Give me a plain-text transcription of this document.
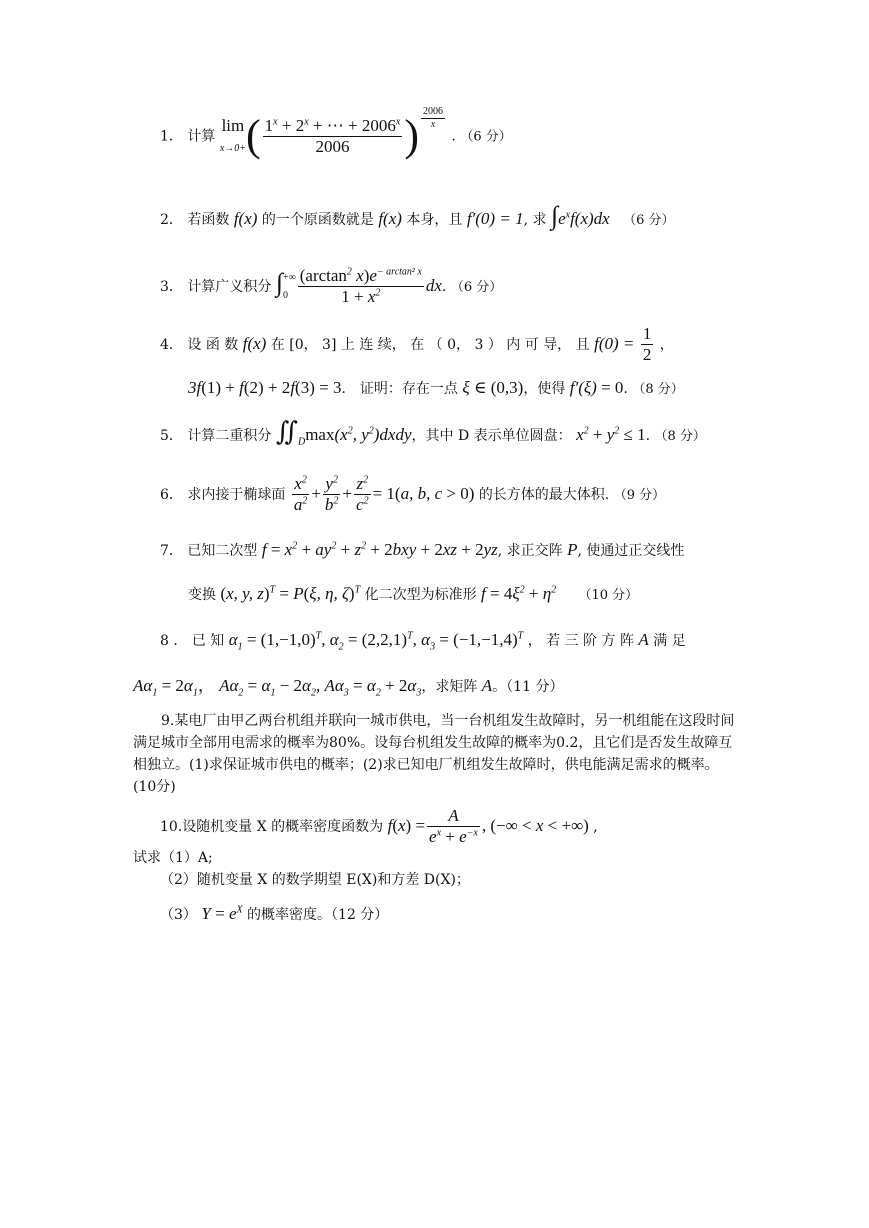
1． 计算 lim
$x\to 0+( \frac{1^x + 2^x + \cdots + 2006^x}{2006}$ ) $\frac{2006}{x}$
. （6 分）
2． 若函数 f(x) 的一个原函数就是 f(x) 本身，且 f′(0) = 1, 求 $\int e^xf(x)dx$ （6 分）
3． 计算广义积分 ∫+∞
$0 \frac{(\arctan^2 x)e^{- arctan^2 x}}{1 + x^2}$ dx. （6 分）
4． 设 函 数 f(x) 在 [0， 3] 上 连 续， 在 （ 0， 3 ） 内 可 导， 且 $f(0) = \frac{1}{2}$ ，
3f(1) + f(2) + 2f(3) = 3． 证明：存在一点 ξ ∈ (0,3)，使得 f′(ξ) = 0. （8 分）
5． 计算二重积分 $∬_D\max(x^2$, $y^2)dxdy$，其中 D 表示单位圆盘： $x^2 + y^2 \le 1$. （8 分）
6． 求内接于椭球面 $\frac{x^2}{a^2} + \frac{y^2}{b^2} + \frac{z^2}{c^2} = 1(a$, b, c > 0) 的长方体的最大体积. （9 分）
7． 已知二次型 $f = x^2 + ay^2 + z^2 + 2bxy + 2xz + 2yz$, 求正交阵 P, 使通过正交线性
变换 (x, y, z)$^T$ = P(ξ, η, ζ)$^T$ 化二次型为标准形 $f = 4\xi^2 + \eta^2$ （10 分）
8 ． 已 知 $\alpha_1 = (1,-1,0)^T$, $\alpha_2 = (2,2,1)^T$, $\alpha_3 = (-1,-1,4)^T$ ， 若 三 阶 方 阵 A 满 足
$A\alpha_1 = 2\alpha_1$， $A\alpha_2 = \alpha_1 - 2\alpha_2$, $A\alpha_3 = \alpha_2 + 2\alpha_3$，求矩阵 A。（11 分）
9.某电厂由甲乙两台机组并联向一城市供电，当一台机组发生故障时，另一机组能在这段时间满足城市全部用电需求的概率为80%。设每台机组发生故障的概率为0.2，且它们是否发生故障互相独立。(1)求保证城市供电的概率；(2)求已知电厂机组发生故障时，供电能满足需求的概率。(10分)
10.设随机变量 X 的概率密度函数为 $f(x) = \frac{A}{e^x + e^{-x}}$ , (−∞ < x < +∞) ,
试求（1）A;
（2）随机变量 X 的数学期望 E(X)和方差 D(X)；
（3） $Y = e^X$ 的概率密度。（12 分）
